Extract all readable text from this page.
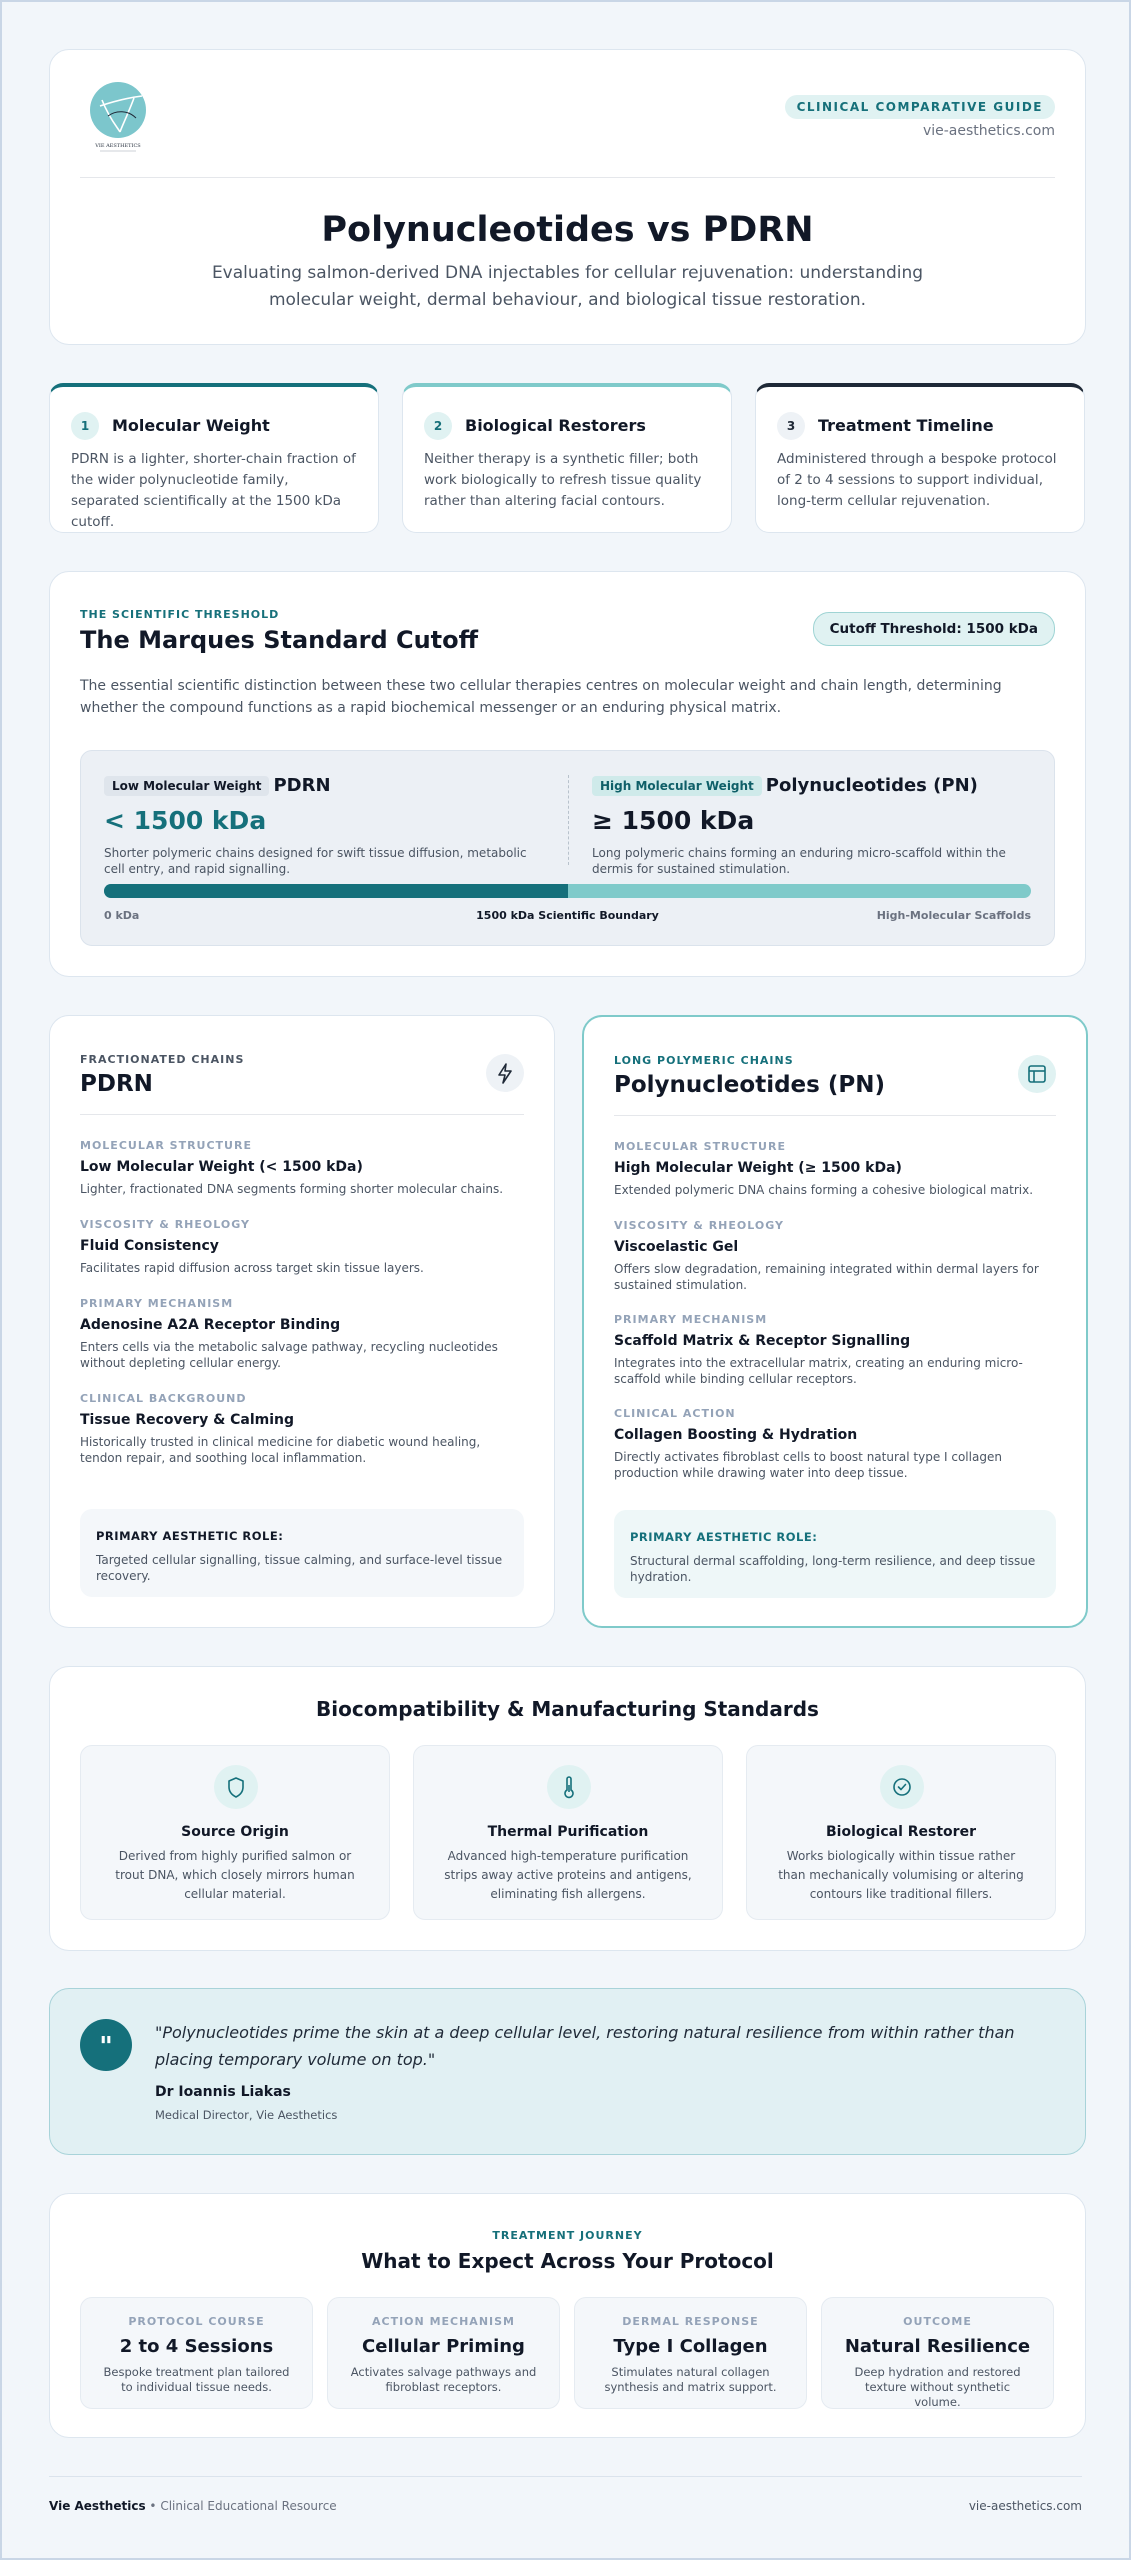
VIE AESTHETICS
CLINICAL COMPARATIVE GUIDE
vie-aesthetics.com
Polynucleotides vs PDRN
Evaluating salmon-derived DNA injectables for cellular rejuvenation: understanding molecular weight, dermal behaviour, and biological tissue restoration.
1	Molecular Weight
PDRN is a lighter, shorter-chain fraction of the wider polynucleotide family, separated scientifically at the 1500 kDa cutoff.
2	Biological Restorers
Neither therapy is a synthetic filler; both work biologically to refresh tissue quality rather than altering facial contours.
3	Treatment Timeline
Administered through a bespoke protocol of 2 to 4 sessions to support individual, long-term cellular rejuvenation.
THE SCIENTIFIC THRESHOLD
The Marques Standard Cutoff	Cutoff Threshold: 1500 kDa
The essential scientific distinction between these two cellular therapies centres on molecular weight and chain length, determining whether the compound functions as a rapid biochemical messenger or an enduring physical matrix.
Low Molecular Weight PDRN
< 1500 kDa
Shorter polymeric chains designed for swift tissue diffusion, metabolic cell entry, and rapid signalling.
High Molecular Weight Polynucleotides (PN)
≥ 1500 kDa
Long polymeric chains forming an enduring micro-scaffold within the dermis for sustained stimulation.
0 kDa	1500 kDa Scientific Boundary	High-Molecular Scaffolds
FRACTIONATED CHAINS
PDRN
MOLECULAR STRUCTURE
Low Molecular Weight (< 1500 kDa)
Lighter, fractionated DNA segments forming shorter molecular chains.
VISCOSITY & RHEOLOGY
Fluid Consistency
Facilitates rapid diffusion across target skin tissue layers.
PRIMARY MECHANISM
Adenosine A2A Receptor Binding
Enters cells via the metabolic salvage pathway, recycling nucleotides without depleting cellular energy.
CLINICAL BACKGROUND
Tissue Recovery & Calming
Historically trusted in clinical medicine for diabetic wound healing, tendon repair, and soothing local inflammation.
PRIMARY AESTHETIC ROLE:
Targeted cellular signalling, tissue calming, and surface-level tissue recovery.
LONG POLYMERIC CHAINS
Polynucleotides (PN)
MOLECULAR STRUCTURE
High Molecular Weight (≥ 1500 kDa)
Extended polymeric DNA chains forming a cohesive biological matrix.
VISCOSITY & RHEOLOGY
Viscoelastic Gel
Offers slow degradation, remaining integrated within dermal layers for sustained stimulation.
PRIMARY MECHANISM
Scaffold Matrix & Receptor Signalling
Integrates into the extracellular matrix, creating an enduring micro-scaffold while binding cellular receptors.
CLINICAL ACTION
Collagen Boosting & Hydration
Directly activates fibroblast cells to boost natural type I collagen production while drawing water into deep tissue.
PRIMARY AESTHETIC ROLE:
Structural dermal scaffolding, long-term resilience, and deep tissue hydration.
Biocompatibility & Manufacturing Standards
Source Origin
Derived from highly purified salmon or trout DNA, which closely mirrors human cellular material.
Thermal Purification
Advanced high-temperature purification strips away active proteins and antigens, eliminating fish allergens.
Biological Restorer
Works biologically within tissue rather than mechanically volumising or altering contours like traditional fillers.
"	"Polynucleotides prime the skin at a deep cellular level, restoring natural resilience from within rather than placing temporary volume on top."
Dr Ioannis Liakas
Medical Director, Vie Aesthetics
TREATMENT JOURNEY
What to Expect Across Your Protocol
PROTOCOL COURSE
2 to 4 Sessions
Bespoke treatment plan tailored to individual tissue needs.
ACTION MECHANISM
Cellular Priming
Activates salvage pathways and fibroblast receptors.
DERMAL RESPONSE
Type I Collagen
Stimulates natural collagen synthesis and matrix support.
OUTCOME
Natural Resilience
Deep hydration and restored texture without synthetic volume.
Vie Aesthetics • Clinical Educational Resource	vie-aesthetics.com
